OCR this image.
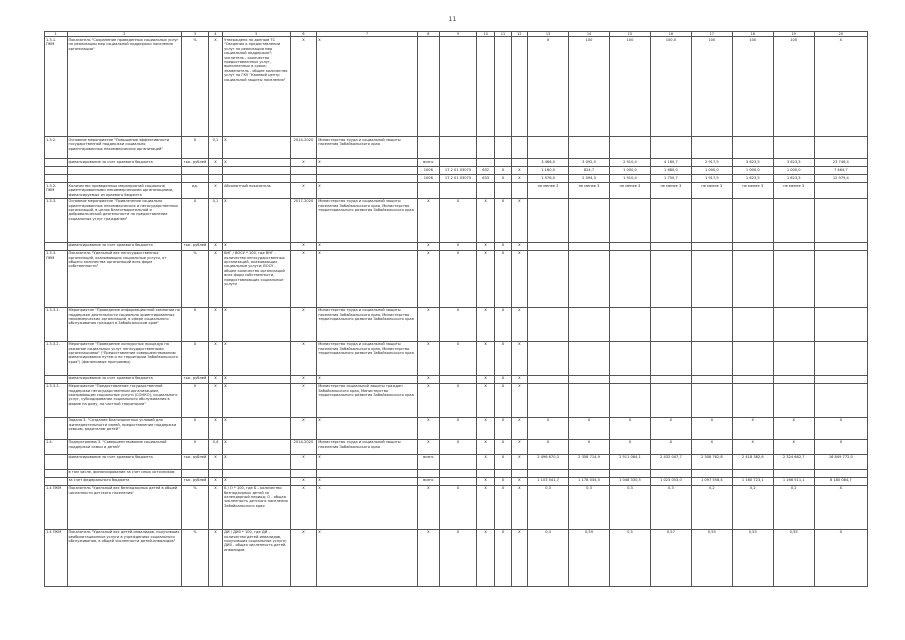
11
1	2	3	4	5	6	7	8	9	10	11	12	13	14	15	16	17	18	19	20
1.3.1. ПКМ	Показатель "Сохранение проведенных социальных услуг по реализации мер социальной поддержки населения организации"	%	Х	Утверждено по данным ТС "Сведения о предоставлении услуг по реализации мер социальной поддержки"; числитель - количество предоставленных услуг, выполненных в сроки; знаменатель - общее количество услуг по ГКУ "Краевой центр социальной защиты населения"	Х	Х						Х	100	100	100,0	100	100	100	Х
1.3.2.	Основное мероприятие "Повышение эффективности государственной поддержки социально ориентированных некоммерческих организаций"	Х	0,1	Х	2014-2020	Министерство труда и социальной защиты населения Забайкальского края													
	финансирование за счет краевого бюджета	тыс. рублей	Х	Х	Х	Х	всего					3 466,0	3 092,0	2 910,4	4 180,7	2 917,5	3 623,5	3 623,3	23 746,4
							1006	17 2 01 03075	632	Х	Х	1 160,0	824,7	1 000,0	1 680,0	1 000,0	1 000,0	1 000,0	7 464,7
							1006	17 2 01 03075	633	Х	Х	1 576,0	2 094,3	1 910,4	1 750,7	1 917,5	1 623,5	1 623,3	12 979,4
1.3.2. ПКМ	Количество проведенных мероприятий социально ориентированными некоммерческими организациями, финансируемых из краевого бюджета	ед.	Х	Абсолютный показатель	Х	Х						не менее 3	не менее 3	не менее 3	не менее 3	не менее 3	не менее 3	не менее 3	
1.3.3.	Основное мероприятие "Привлечение социально ориентированных некоммерческих и негосударственных организаций, в целях благотворительной и добровольческой деятельности на предоставление социальных услуг гражданам"	Х	0,1	Х	2017-2020	Министерство труда и социальной защиты населения Забайкальского края, Министерство территориального развития Забайкальского края	Х	Х	Х	Х	Х								
	финансирование за счет краевого бюджета	тыс. рублей	Х	Х	Х	Х	Х	Х	Х	Х	Х								
1.3.3. ПКМ	Показатель "Удельный вес негосударственных организаций, оказывающих социальные услуги, от общего количества организаций всех форм собственности"	%	Х	ВНГ / ВОСУ * 100, где ВНГ - количество негосударственных организаций, оказывающих социальные услуги; ВОСУ - общее количество организаций всех форм собственности, предоставляющих социальные услуги	Х	Х	Х	Х	Х	Х	Х								
1.3.3.1.	Мероприятие "Проведение информационной кампании по поддержке деятельности социально ориентированных некоммерческих организаций, в сфере социального обслуживания граждан в Забайкальском крае"	Х	Х	Х	Х	Министерство труда и социальной защиты населения Забайкальского края, Министерство территориального развития Забайкальского края	Х	Х	Х	Х	Х								
1.3.3.2.	Мероприятие "Проведение конкурсных процедур на оказание социальных услуг негосударственными организациями" ("Предоставление совершенствованию финансирования путем и по территории Забайкальского края") (финансовые программы)	Х	Х	Х	Х	Министерство труда и социальной защиты населения Забайкальского края, Министерство территориального развития Забайкальского края	Х	Х	Х	Х	Х								
	финансирование за счет краевого бюджета	тыс. рублей	Х	Х	Х	Х	Х		Х	Х	Х								
1.3.3.3.	Мероприятие "Предоставление государственной поддержки негосударственным организациям, оказывающим социальные услуги (СОНКО), социального услуг, субсидирование социального обслуживания в форме на дому, на частной территории"	Х	Х	Х	Х	Министерство социальной защиты граждан Забайкальского края, Министерство территориального развития Забайкальского края	Х	Х	Х	Х	Х								
	Задача 3. "Создание благоприятных условий для жизнедеятельности семей, предоставление поддержки семьям, родителям детей"	Х	Х	Х	Х	Х	Х	Х	Х	Х	Х	Х	Х	Х	Х	Х	Х	Х	Х
1.4.	Подпрограмма 3. "Совершенствование социальной поддержки семьи и детей"	Х	0,4	Х	2014-2020	Министерство труда и социальной защиты населения Забайкальского края	Х	Х	Х	Х	Х	Х	Х	Х	Х	Х	Х	Х	Х
	финансирование за счет краевого бюджета	тыс. рублей	Х	Х	Х	Х	всего		Х	Х	Х	2 496 670,3	2 358 714,9	2 511 064,1	2 432 047,7	2 308 762,8	2 418 382,6	2 324 662,7	16 849 772,0
	в том числе, финансирование за счет иных источников:																		
	за счет федерального бюджета	тыс. рублей	Х	Х	Х	Х	всего		Х	Х	Х	1 103 541,7	1 178 034,0	1 048 330,5	1 023 053,0	1 097 558,4	1 160 723,1	1 166 511,1	8 180 084,7
1.4 ПКМ	Показатель "Удельный вес безнадзорных детей в общей численности детского населения"	%	Х	Б / О * 100, где Б - количество безнадзорных детей за календарный период; О - общая численность детского населения Забайкальского края	Х	Х	Х	Х	Х	Х	Х	0,3	0,3	0,3	0,3	0,2	0,2	0,2	Х
1.4 ПКМ	Показатель "Удельный вес детей-инвалидов, получивших реабилитационные услуги в учреждениях социального обслуживания, в общей численности детей-инвалидов"	%	Х	ДИ / ДИ0 * 100, где ДИ - количество детей-инвалидов, получивших социальные услуги; ДИ0 - общая численность детей-инвалидов	Х	Х	Х	Х	Х	Х	Х	0,4	0,59	0,5	0,57	0,55	0,55	0,55	Х
